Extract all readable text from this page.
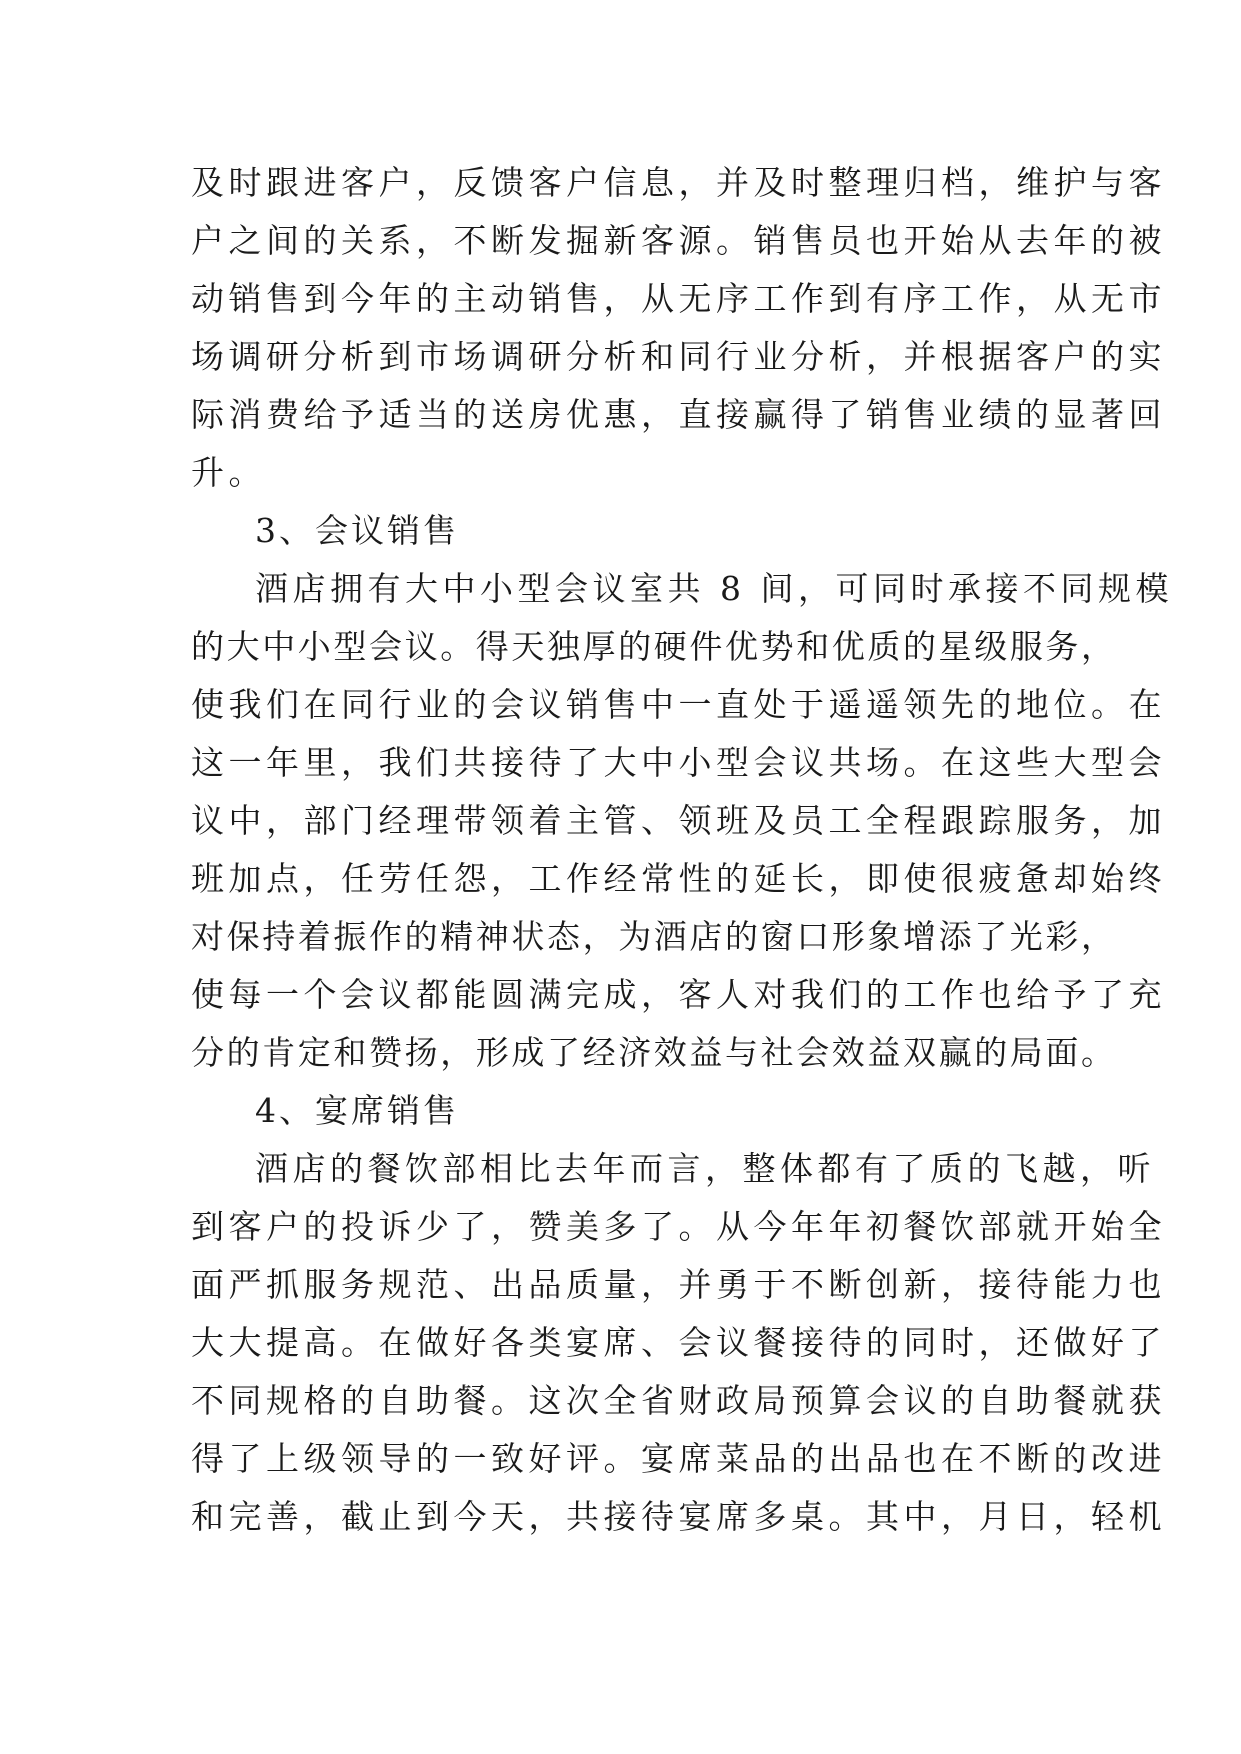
及时跟进客户，反馈客户信息，并及时整理归档，维护与客
户之间的关系，不断发掘新客源。销售员也开始从去年的被
动销售到今年的主动销售，从无序工作到有序工作，从无市
场调研分析到市场调研分析和同行业分析，并根据客户的实
际消费给予适当的送房优惠，直接赢得了销售业绩的显著回
升。
3、会议销售
酒店拥有大中小型会议室共 8 间，可同时承接不同规模
的大中小型会议。得天独厚的硬件优势和优质的星级服务，
使我们在同行业的会议销售中一直处于遥遥领先的地位。在
这一年里，我们共接待了大中小型会议共场。在这些大型会
议中，部门经理带领着主管、领班及员工全程跟踪服务，加
班加点，任劳任怨，工作经常性的延长，即使很疲惫却始终
对保持着振作的精神状态，为酒店的窗口形象增添了光彩，
使每一个会议都能圆满完成，客人对我们的工作也给予了充
分的肯定和赞扬，形成了经济效益与社会效益双赢的局面。
4、宴席销售
酒店的餐饮部相比去年而言，整体都有了质的飞越，听
到客户的投诉少了，赞美多了。从今年年初餐饮部就开始全
面严抓服务规范、出品质量，并勇于不断创新，接待能力也
大大提高。在做好各类宴席、会议餐接待的同时，还做好了
不同规格的自助餐。这次全省财政局预算会议的自助餐就获
得了上级领导的一致好评。宴席菜品的出品也在不断的改进
和完善，截止到今天，共接待宴席多桌。其中，月日，轻机
